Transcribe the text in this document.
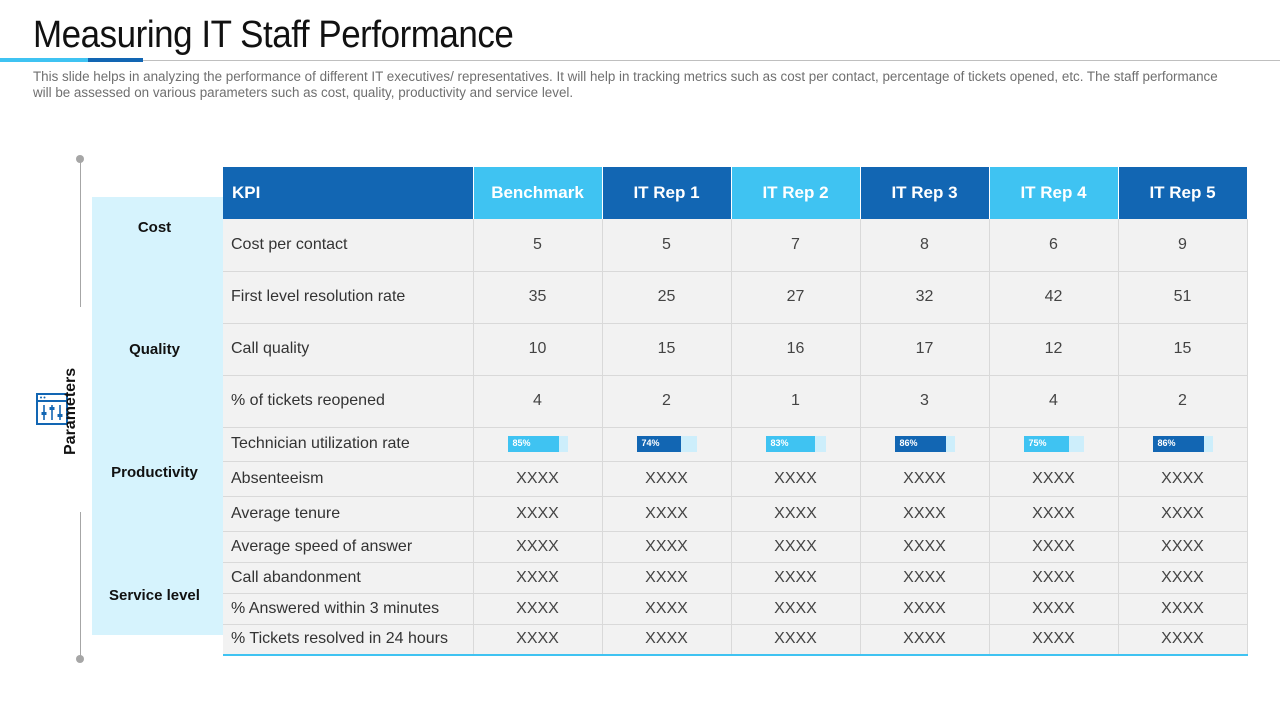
Measuring IT Staff Performance
This slide helps in analyzing the performance of different IT executives/ representatives. It will help in tracking metrics such as cost per contact, percentage of tickets opened, etc. The staff performance will be assessed on various parameters such as cost, quality, productivity and service level.
Parameters
Cost
Quality
Productivity
Service level
KPI	Benchmark	IT Rep 1	IT Rep 2	IT Rep 3	IT Rep 4	IT Rep 5
Cost per contact	5	5	7	8	6	9
First level resolution rate	35	25	27	32	42	51
Call quality	10	15	16	17	12	15
% of tickets reopened	4	2	1	3	4	2
Technician utilization rate	85%	74%	83%	86%	75%	86%

Absenteeism	XXXX	XXXX	XXXX	XXXX	XXXX	XXXX
Average tenure	XXXX	XXXX	XXXX	XXXX	XXXX	XXXX
Average speed of answer	XXXX	XXXX	XXXX	XXXX	XXXX	XXXX
Call abandonment	XXXX	XXXX	XXXX	XXXX	XXXX	XXXX
% Answered within 3 minutes	XXXX	XXXX	XXXX	XXXX	XXXX	XXXX
% Tickets resolved in 24 hours	XXXX	XXXX	XXXX	XXXX	XXXX	XXXX
